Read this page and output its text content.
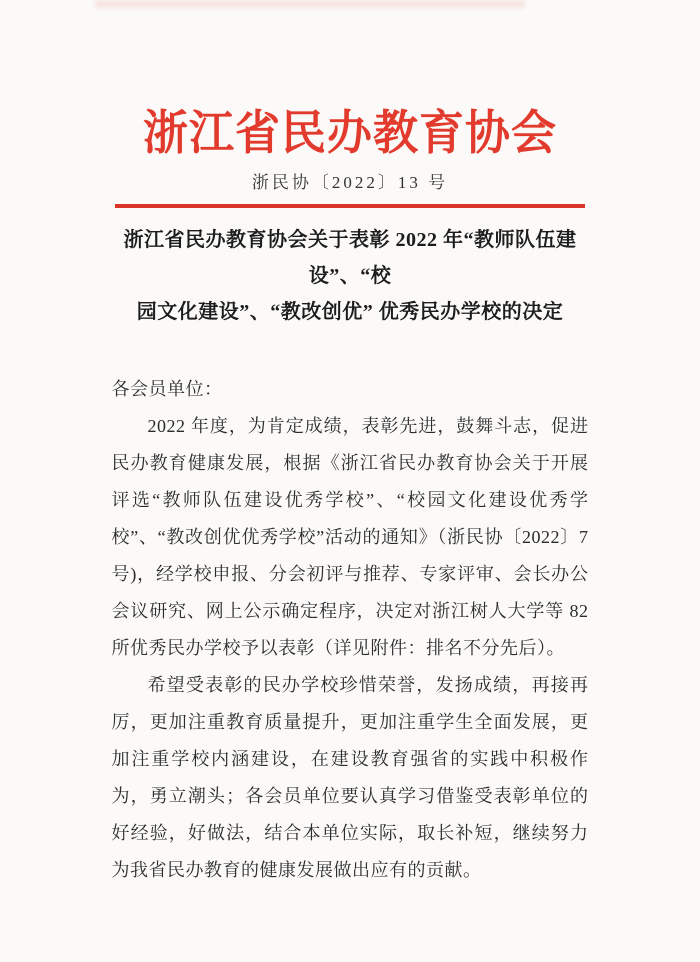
浙江省民办教育协会
浙民协〔2022〕13 号
浙江省民办教育协会关于表彰 2022 年“教师队伍建设”、“校
园文化建设”、“教改创优” 优秀民办学校的决定

各会员单位：

2022 年度，为肯定成绩，表彰先进，鼓舞斗志，促进民办教育健康发展，根据《浙江省民办教育协会关于开展评选“教师队伍建设优秀学校”、“校园文化建设优秀学校”、“教改创优优秀学校”活动的通知》（浙民协〔2022〕7 号)，经学校申报、分会初评与推荐、专家评审、会长办公会议研究、网上公示确定程序，决定对浙江树人大学等 82 所优秀民办学校予以表彰（详见附件：排名不分先后）。

希望受表彰的民办学校珍惜荣誉，发扬成绩，再接再厉，更加注重教育质量提升，更加注重学生全面发展，更加注重学校内涵建设，在建设教育强省的实践中积极作为，勇立潮头；各会员单位要认真学习借鉴受表彰单位的好经验，好做法，结合本单位实际，取长补短，继续努力为我省民办教育的健康发展做出应有的贡献。
